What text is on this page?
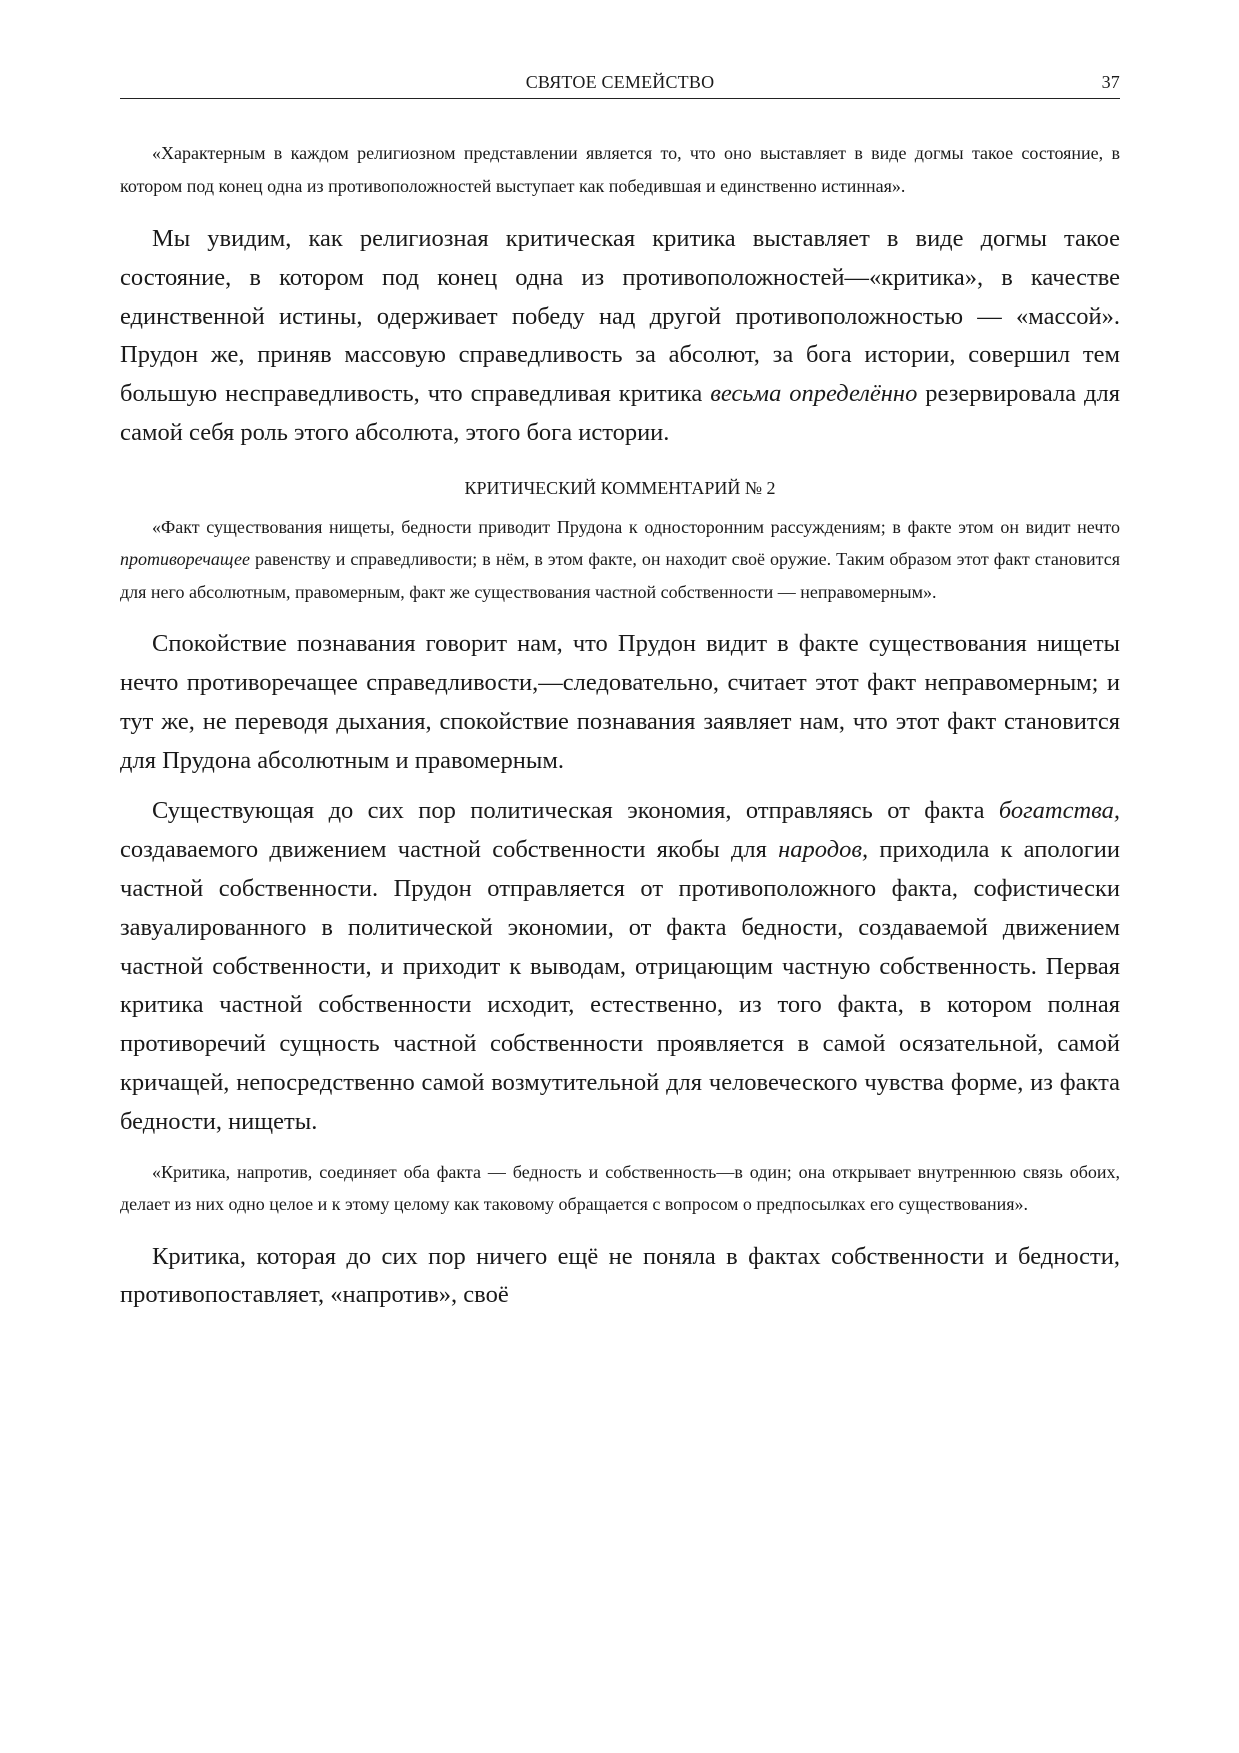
СВЯТОЕ СЕМЕЙСТВО	37

«Характерным в каждом религиозном представлении является то, что оно выставляет в виде догмы такое состояние, в котором под конец одна из противоположностей выступает как победившая и единственно истинная».

Мы увидим, как религиозная критическая критика выставляет в виде догмы такое состояние, в котором под конец одна из противоположностей—«критика», в качестве единственной истины, одерживает победу над другой противоположностью — «массой». Прудон же, приняв массовую справедливость за абсолют, за бога истории, совершил тем большую несправедливость, что справедливая критика весьма определённо резервировала для самой себя роль этого абсолюта, этого бога истории.

КРИТИЧЕСКИЙ КОММЕНТАРИЙ № 2

«Факт существования нищеты, бедности приводит Прудона к односторонним рассуждениям; в факте этом он видит нечто противоречащее равенству и справедливости; в нём, в этом факте, он находит своё оружие. Таким образом этот факт становится для него абсолютным, правомерным, факт же существования частной собственности — неправомерным».

Спокойствие познавания говорит нам, что Прудон видит в факте существования нищеты нечто противоречащее справедливости,—следовательно, считает этот факт неправомерным; и тут же, не переводя дыхания, спокойствие познавания заявляет нам, что этот факт становится для Прудона абсолютным и правомерным.

Существующая до сих пор политическая экономия, отправляясь от факта богатства, создаваемого движением частной собственности якобы для народов, приходила к апологии частной собственности. Прудон отправляется от противоположного факта, софистически завуалированного в политической экономии, от факта бедности, создаваемой движением частной собственности, и приходит к выводам, отрицающим частную собственность. Первая критика частной собственности исходит, естественно, из того факта, в котором полная противоречий сущность частной собственности проявляется в самой осязательной, самой кричащей, непосредственно самой возмутительной для человеческого чувства форме, из факта бедности, нищеты.

«Критика, напротив, соединяет оба факта — бедность и собственность—в один; она открывает внутреннюю связь обоих, делает из них одно целое и к этому целому как таковому обращается с вопросом о предпосылках его существования».

Критика, которая до сих пор ничего ещё не поняла в фактах собственности и бедности, противопоставляет, «напротив», своё
